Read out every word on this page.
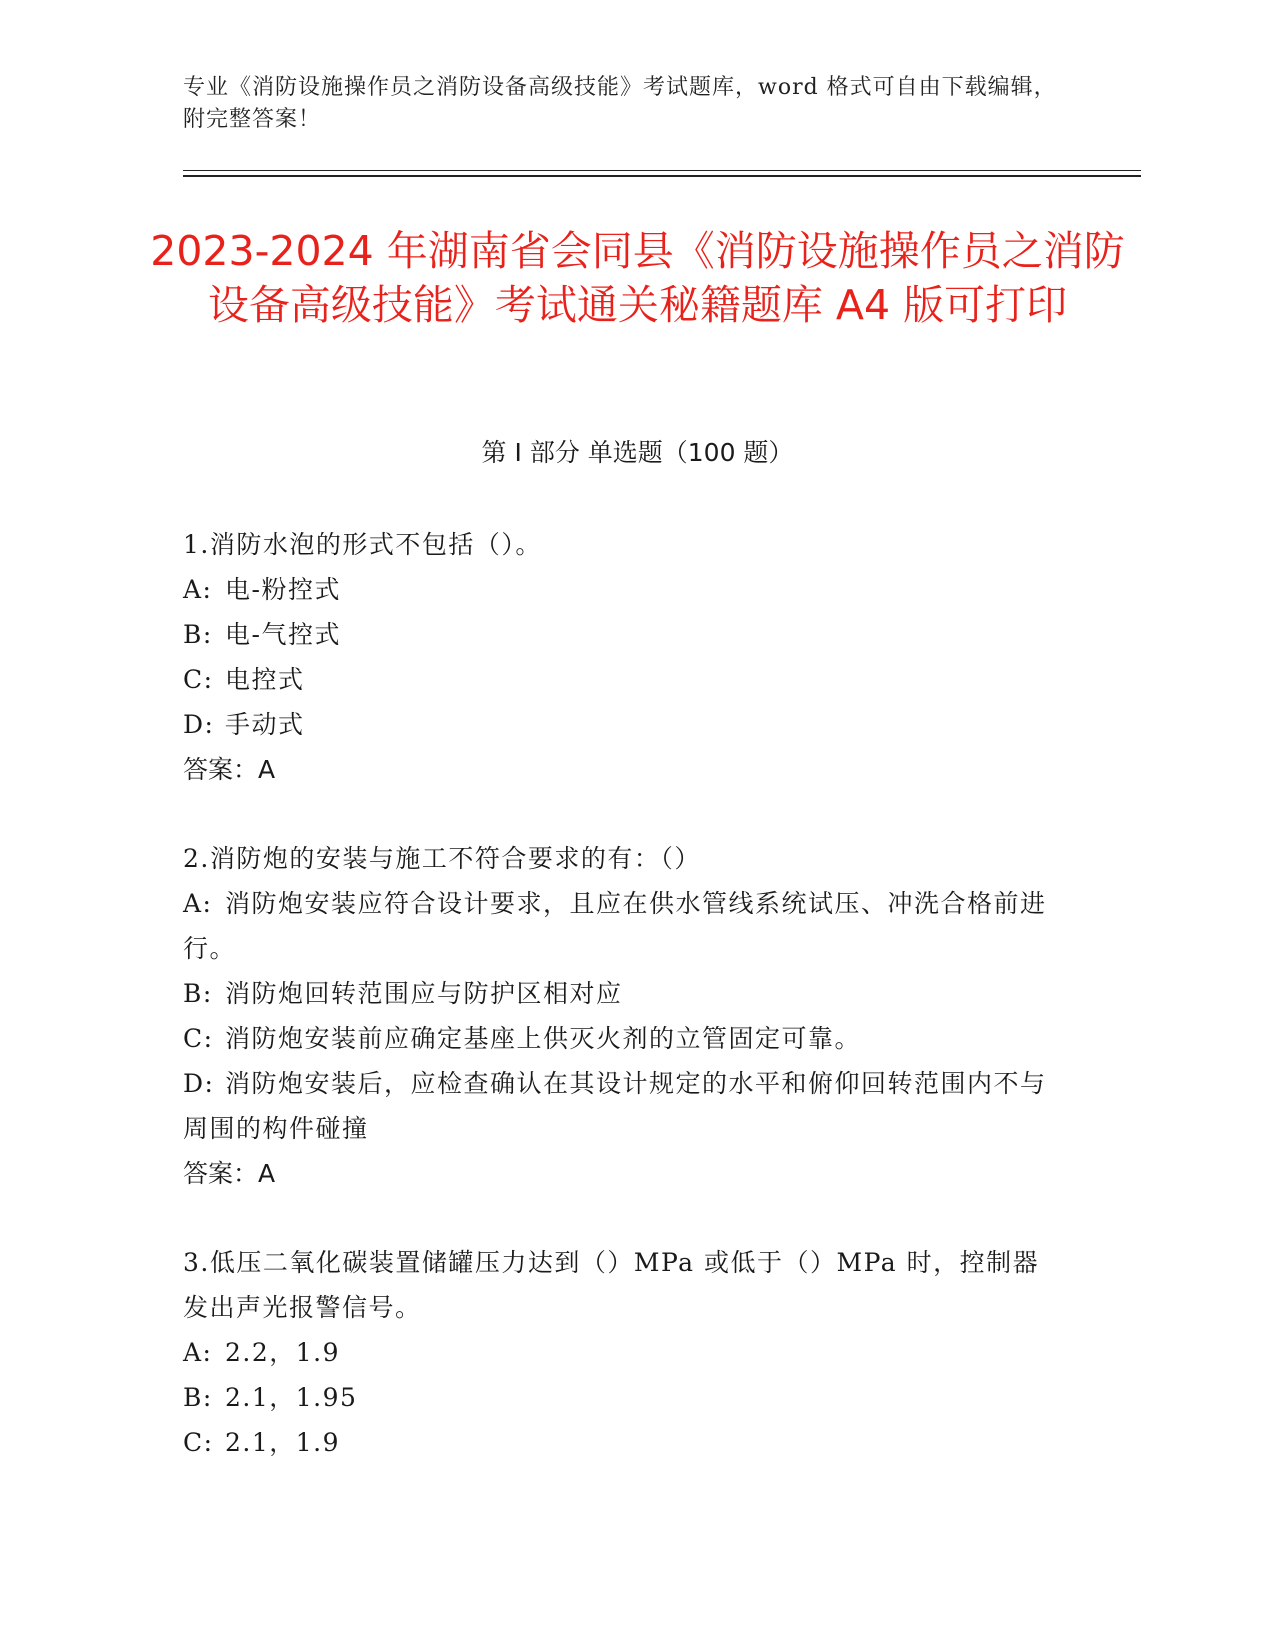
专业《消防设施操作员之消防设备高级技能》考试题库，word 格式可自由下载编辑，附完整答案！
2023-2024 年湖南省会同县《消防设施操作员之消防设备高级技能》考试通关秘籍题库 A4 版可打印
第 I 部分 单选题（100 题）

1.消防水泡的形式不包括（）。

A: 电-粉控式

B: 电-气控式

C: 电控式

D: 手动式

答案：A

2.消防炮的安装与施工不符合要求的有：（）

A: 消防炮安装应符合设计要求，且应在供水管线系统试压、冲洗合格前进行。

B: 消防炮回转范围应与防护区相对应

C: 消防炮安装前应确定基座上供灭火剂的立管固定可靠。

D: 消防炮安装后，应检查确认在其设计规定的水平和俯仰回转范围内不与周围的构件碰撞

答案：A

3.低压二氧化碳装置储罐压力达到（）MPa 或低于（）MPa 时，控制器发出声光报警信号。

A: 2.2，1.9

B: 2.1，1.95

C: 2.1，1.9
